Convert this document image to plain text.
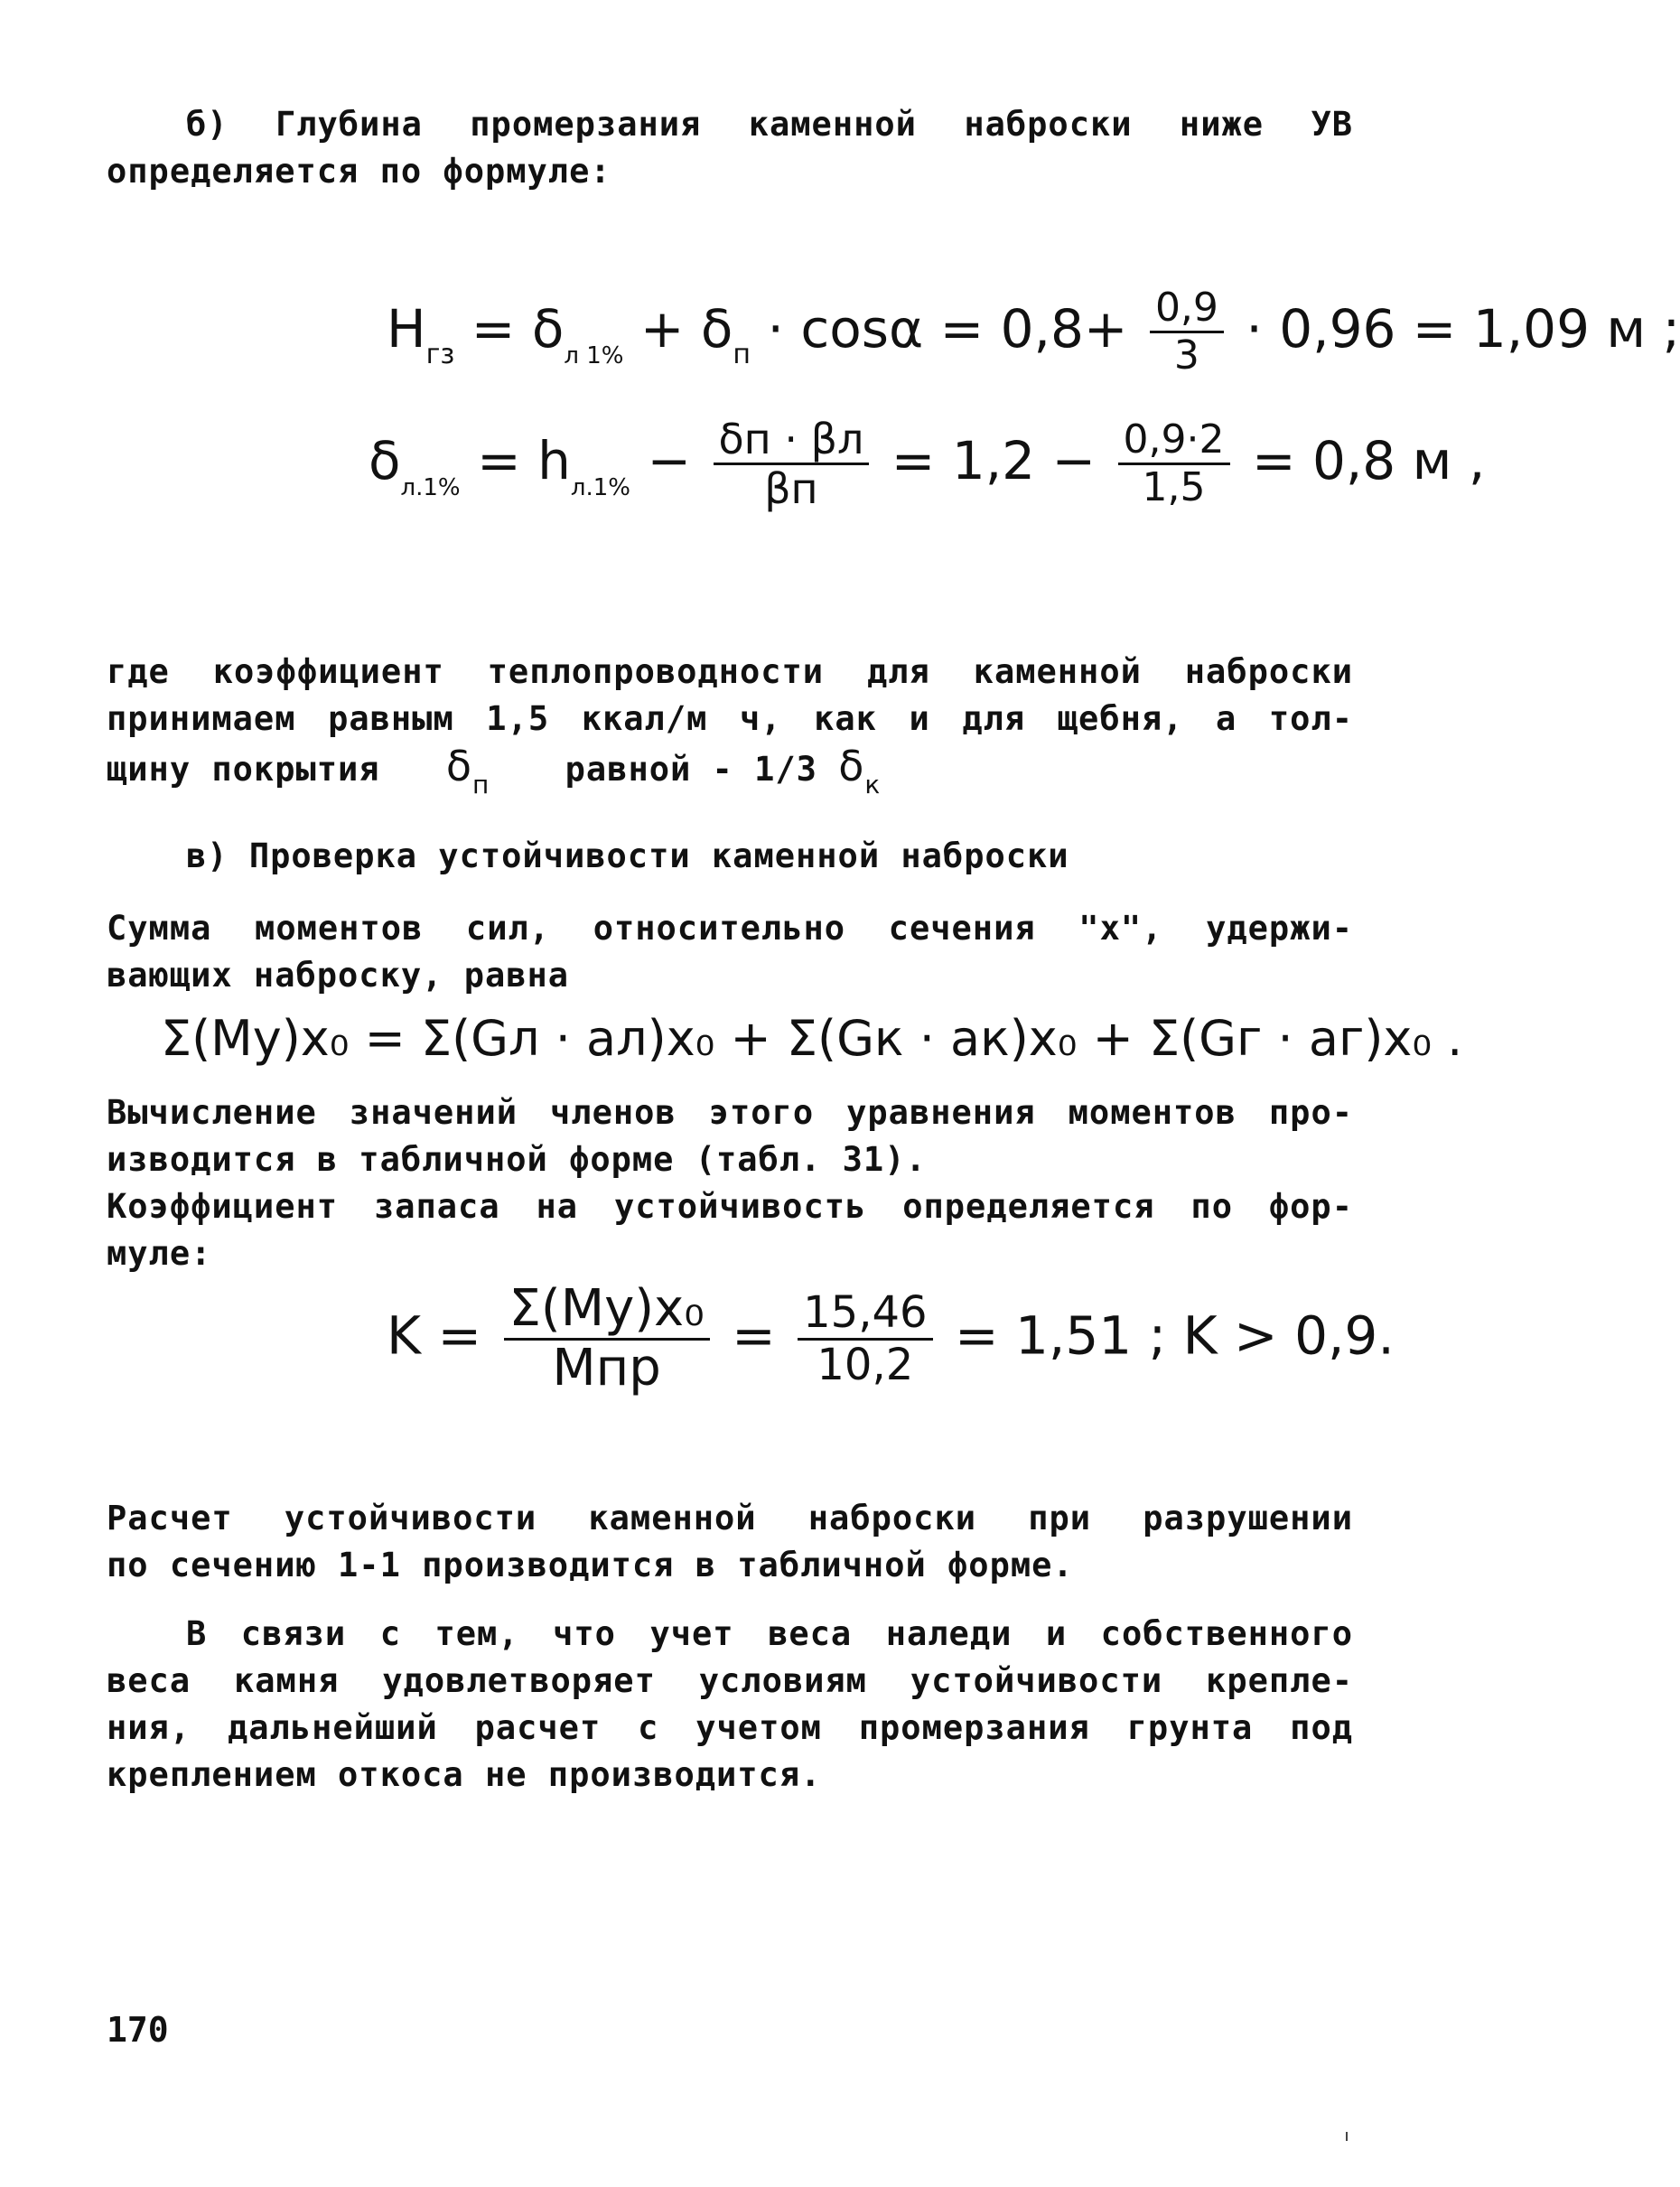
б) Глубина промерзания каменной наброски ниже УВ
определяется по формуле:
$H_{гз} = \delta_{л 1\%} + \delta_п \cdot \cos\alpha = 0,8+ \frac{0,9}{3} \cdot 0,96 = 1,09$ м ;
$\delta_{л.1\%} = h_{л.1\%} - \frac{\delta п \cdot \beta л}{\beta п} = 1,2 - \frac{0,9\cdot 2}{1,5} = 0,8$ м ,
где коэффициент теплопроводности для каменной наброски
принимаем равным 1,5 ккал/м ч, как и для щебня, а тол-
щину покрытия $\delta_п$ равной - 1/3 $\delta_к$
в) Проверка устойчивости каменной наброски
Сумма моментов сил, относительно сечения "х", удержи-
вающих наброску, равна
Σ(Mу)x₀ = Σ(Gл · aл)x₀ + Σ(Gк · aк)x₀ + Σ(Gг · aг)x₀ .
Вычисление значений членов этого уравнения моментов про-
изводится в табличной форме (табл. 31).
Коэффициент запаса на устойчивость определяется по фор-
муле:
$K = \frac{\text{Σ(Mу)x₀}}{\text{Mпр}} = \frac{15,46}{10,2} = 1,51$ ; K > 0,9.
Расчет устойчивости каменной наброски при разрушении
по сечению 1-1 производится в табличной форме.
В связи с тем, что учет веса наледи и собственного
веса камня удовлетворяет условиям устойчивости крепле-
ния, дальнейший расчет с учетом промерзания грунта под
креплением откоса не производится.
170
